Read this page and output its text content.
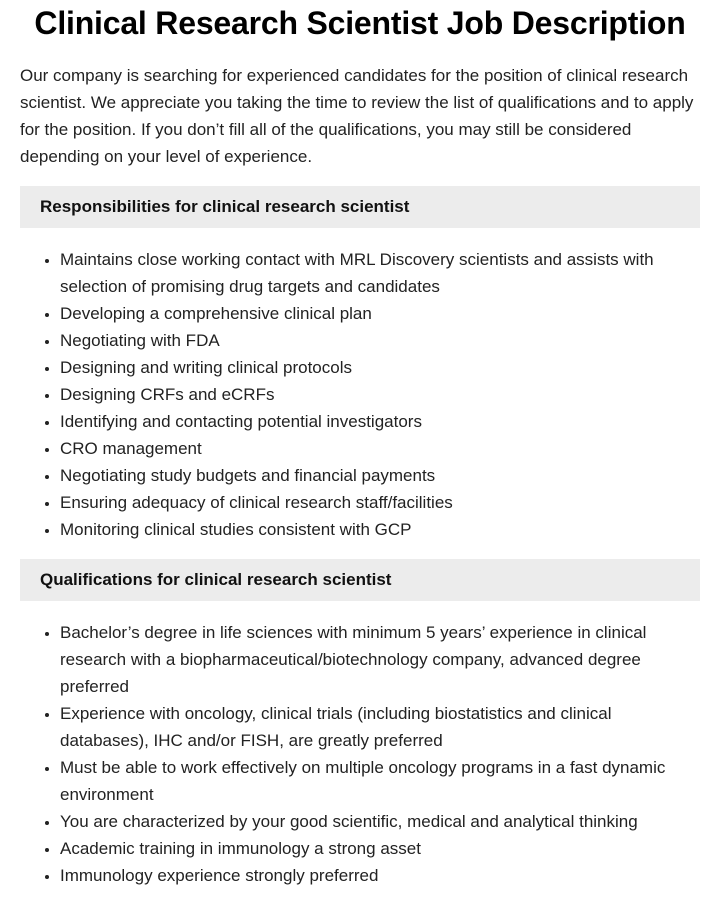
Clinical Research Scientist Job Description

Our company is searching for experienced candidates for the position of clinical research scientist. We appreciate you taking the time to review the list of qualifications and to apply for the position. If you don’t fill all of the qualifications, you may still be considered depending on your level of experience.

Responsibilities for clinical research scientist
• Maintains close working contact with MRL Discovery scientists and assists with selection of promising drug targets and candidates
• Developing a comprehensive clinical plan
• Negotiating with FDA
• Designing and writing clinical protocols
• Designing CRFs and eCRFs
• Identifying and contacting potential investigators
• CRO management
• Negotiating study budgets and financial payments
• Ensuring adequacy of clinical research staff/facilities
• Monitoring clinical studies consistent with GCP
Qualifications for clinical research scientist
• Bachelor’s degree in life sciences with minimum 5 years’ experience in clinical research with a biopharmaceutical/biotechnology company, advanced degree preferred
• Experience with oncology, clinical trials (including biostatistics and clinical databases), IHC and/or FISH, are greatly preferred
• Must be able to work effectively on multiple oncology programs in a fast dynamic environment
• You are characterized by your good scientific, medical and analytical thinking
• Academic training in immunology a strong asset
• Immunology experience strongly preferred
